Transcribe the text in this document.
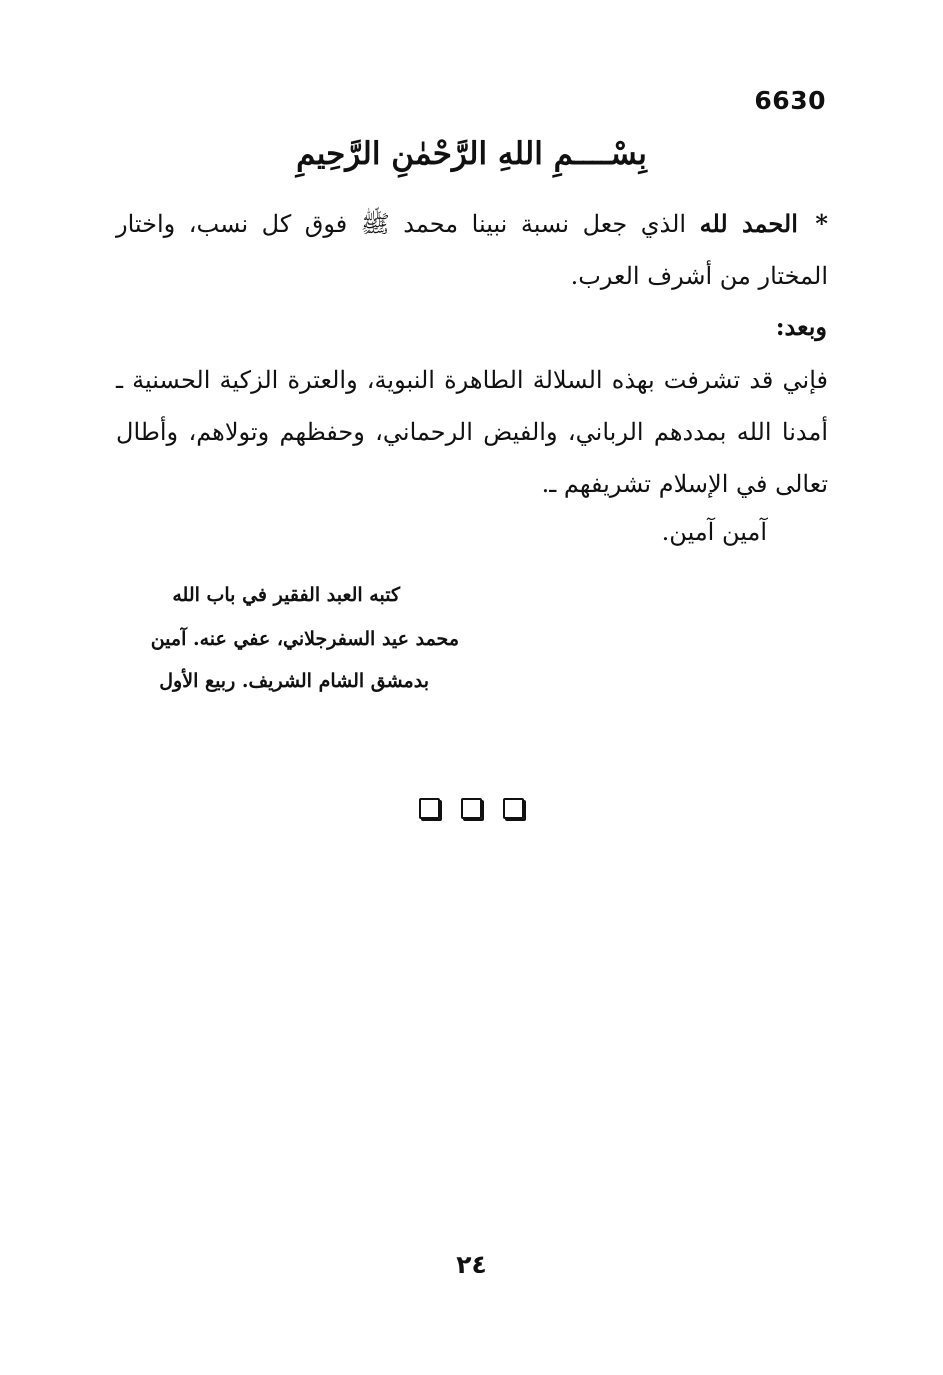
6630
بِسْــــمِ اللهِ الرَّحْمٰنِ الرَّحِيمِ
* الحمد لله الذي جعل نسبة نبينا محمد ﷺ فوق كل نسب، واختار المختار من أشرف العرب.
وبعد:
فإني قد تشرفت بهذه السلالة الطاهرة النبوية، والعترة الزكية الحسنية ـ أمدنا الله بمددهم الرباني، والفيض الرحماني، وحفظهم وتولاهم، وأطال تعالى في الإسلام تشريفهم ـ.
آمين آمين.
كتبه العبد الفقير في باب الله
محمد عيد السفرجلاني، عفي عنه. آمين
بدمشق الشام الشريف. ربيع الأول

٢٤
